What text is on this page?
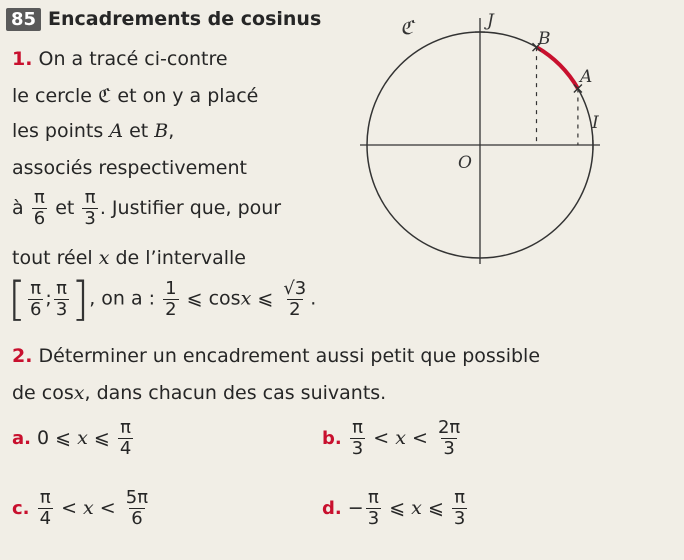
85 Encadrements de cosinus
1. On a tracé ci-contre
le cercle ℭ et on y a placé
les points A et B,
associés respectivement
à $\frac{\pi}{6}$ et $\frac{\pi}{3}$ . Justifier que, pour
tout réel x de l’intervalle
[ $\frac{\pi}{6}$ ; $\frac{\pi}{3}$ ], on a : $\frac{1}{2}$ ⩽ cosx ⩽ $\frac{√3}{2}$ .
2. Déterminer un encadrement aussi petit que possible
de cosx, dans chacun des cas suivants.
a. 0 ⩽ x ⩽ $\frac{\pi}{4}$	b. $\frac{\pi}{3} < x < \frac{2\pi}{3}$
c. $\frac{\pi}{4} < x < \frac{5\pi}{6}$	d. − $\frac{\pi}{3}$ ⩽ x ⩽ $\frac{\pi}{3}$
ℭ	J
B
A
I
O
